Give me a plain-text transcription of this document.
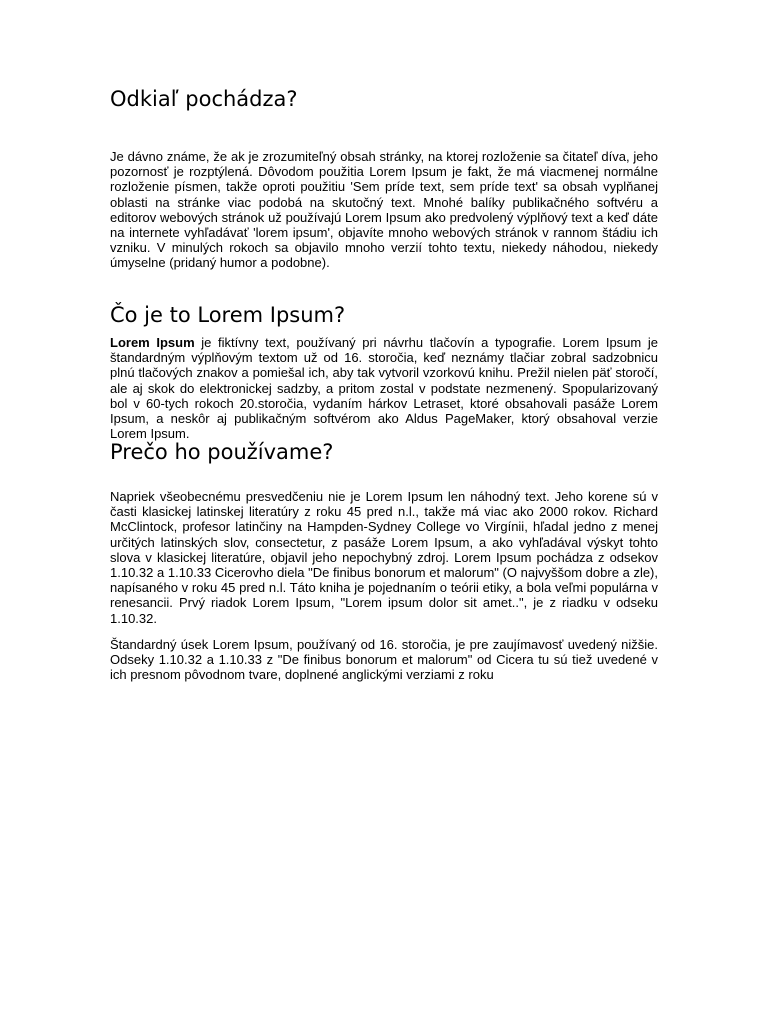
Odkiaľ pochádza?

Je dávno známe, že ak je zrozumiteľný obsah stránky, na ktorej rozloženie sa čitateľ díva, jeho pozornosť je rozptýlená. Dôvodom použitia Lorem Ipsum je fakt, že má viacmenej normálne rozloženie písmen, takže oproti použitiu 'Sem príde text, sem príde text' sa obsah vyplňanej oblasti na stránke viac podobá na skutočný text. Mnohé balíky publikačného softvéru a editorov webových stránok už používajú Lorem Ipsum ako predvolený výplňový text a keď dáte na internete vyhľadávať 'lorem ipsum', objavíte mnoho webových stránok v rannom štádiu ich vzniku. V minulých rokoch sa objavilo mnoho verzií tohto textu, niekedy náhodou, niekedy úmyselne (pridaný humor a podobne).

Čo je to Lorem Ipsum?

Lorem Ipsum je fiktívny text, používaný pri návrhu tlačovín a typografie. Lorem Ipsum je štandardným výplňovým textom už od 16. storočia, keď neznámy tlačiar zobral sadzobnicu plnú tlačových znakov a pomiešal ich, aby tak vytvoril vzorkovú knihu. Prežil nielen päť storočí, ale aj skok do elektronickej sadzby, a pritom zostal v podstate nezmenený. Spopularizovaný bol v 60-tych rokoch 20.storočia, vydaním hárkov Letraset, ktoré obsahovali pasáže Lorem Ipsum, a neskôr aj publikačným softvérom ako Aldus PageMaker, ktorý obsahoval verzie Lorem Ipsum.

Prečo ho používame?

Napriek všeobecnému presvedčeniu nie je Lorem Ipsum len náhodný text. Jeho korene sú v časti klasickej latinskej literatúry z roku 45 pred n.l., takže má viac ako 2000 rokov. Richard McClintock, profesor latinčiny na Hampden-Sydney College vo Virgínii, hľadal jedno z menej určitých latinských slov, consectetur, z pasáže Lorem Ipsum, a ako vyhľadával výskyt tohto slova v klasickej literatúre, objavil jeho nepochybný zdroj. Lorem Ipsum pochádza z odsekov 1.10.32 a 1.10.33 Cicerovho diela "De finibus bonorum et malorum" (O najvyššom dobre a zle), napísaného v roku 45 pred n.l. Táto kniha je pojednaním o teórii etiky, a bola veľmi populárna v renesancii. Prvý riadok Lorem Ipsum, "Lorem ipsum dolor sit amet..", je z riadku v odseku 1.10.32.

Štandardný úsek Lorem Ipsum, používaný od 16. storočia, je pre zaujímavosť uvedený nižšie. Odseky 1.10.32 a 1.10.33 z "De finibus bonorum et malorum" od Cicera tu sú tiež uvedené v ich presnom pôvodnom tvare, doplnené anglickými verziami z roku
